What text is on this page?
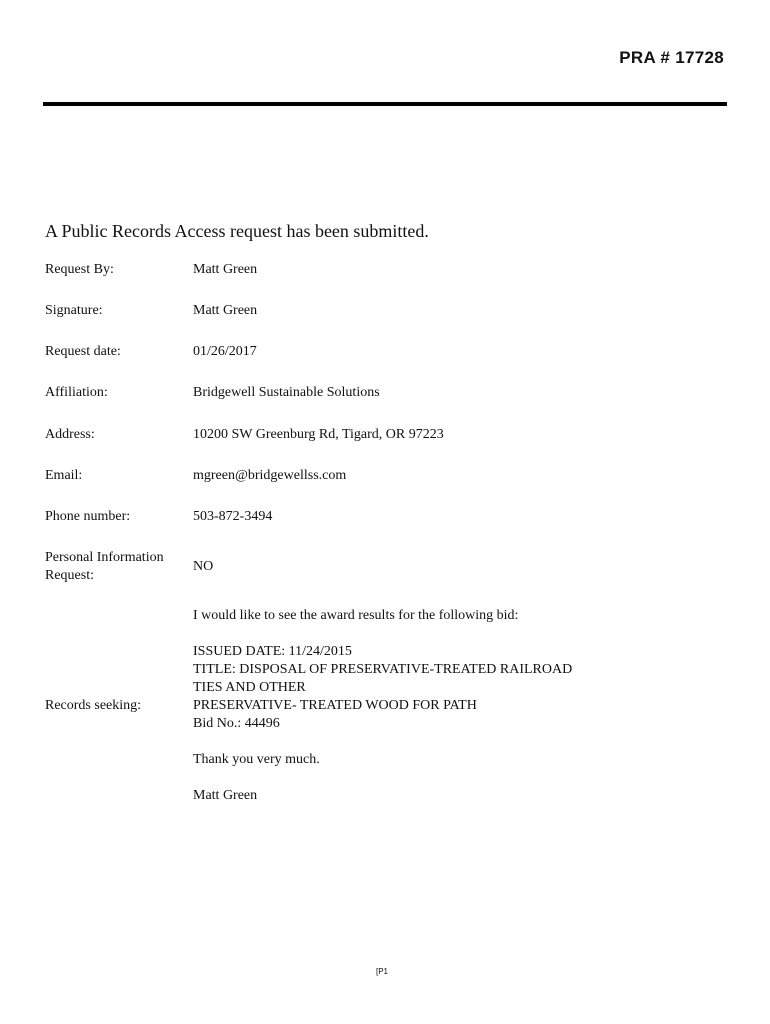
PRA # 17728
A Public Records Access request has been submitted.
Request By:	Matt Green
Signature:	Matt Green
Request date:	01/26/2017
Affiliation:	Bridgewell Sustainable Solutions
Address:	10200 SW Greenburg Rd, Tigard, OR 97223
Email:	mgreen@bridgewellss.com
Phone number:	503-872-3494
Personal Information
Request:
NO
Records seeking:

I would like to see the award results for the following bid:

ISSUED DATE: 11/24/2015
TITLE: DISPOSAL OF PRESERVATIVE-TREATED RAILROAD
TIES AND OTHER
PRESERVATIVE- TREATED WOOD FOR PATH
Bid No.: 44496

Thank you very much.

Matt Green

[P1
